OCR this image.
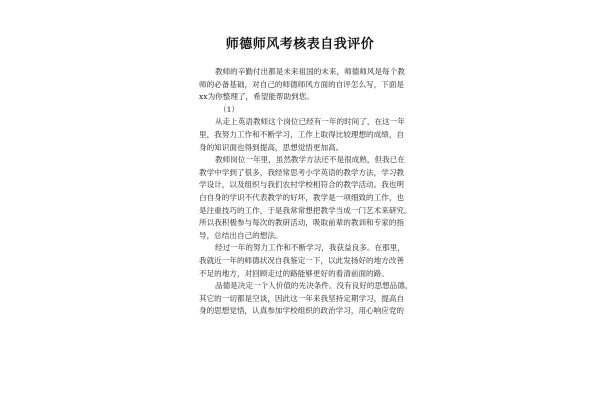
师德师风考核表自我评价
教师的辛勤付出都是未来祖国的未来，师德师风是每个教
师的必备基础，对自己的师德师风方面的自评怎么写，下面是
xx为你整理了，希望能帮助到您。
（1）
从走上英语教师这个岗位已经有一年的时间了，在这一年
里，我努力工作和不断学习，工作上取得比较理想的成绩，自
身的知识面也得到提高，思想觉悟更加高。
教师岗位一年里，虽然教学方法还不是很成熟，但我已在
教学中学到了很多，我经常思考小学英语的教学方法，学习教
学设计，以及组织与我们农村学校相符合的教学活动。我也明
白自身的学识不代表教学的好坏，教学是一项细致的工作，也
是注重技巧的工作，于是我常常想把教学当成一门艺术来研究。
所以我积极参与每次的教研活动，吸取前辈的教训和专家的指
导，总结出自己的想法。
经过一年的努力工作和不断学习，我获益良多。在那里，
我就近一年的师德状况自我鉴定一下，以此发扬好的地方改善
不足的地方，对回顾走过的路能够更好的看清前面的路。
品德是决定一个人价值的先决条件。没有良好的思想品德，
其它的一切都是空谈，因此这一年来我坚持定期学习，提高自
身的思想觉悟，认真参加学校组织的政治学习，用心响应党的
